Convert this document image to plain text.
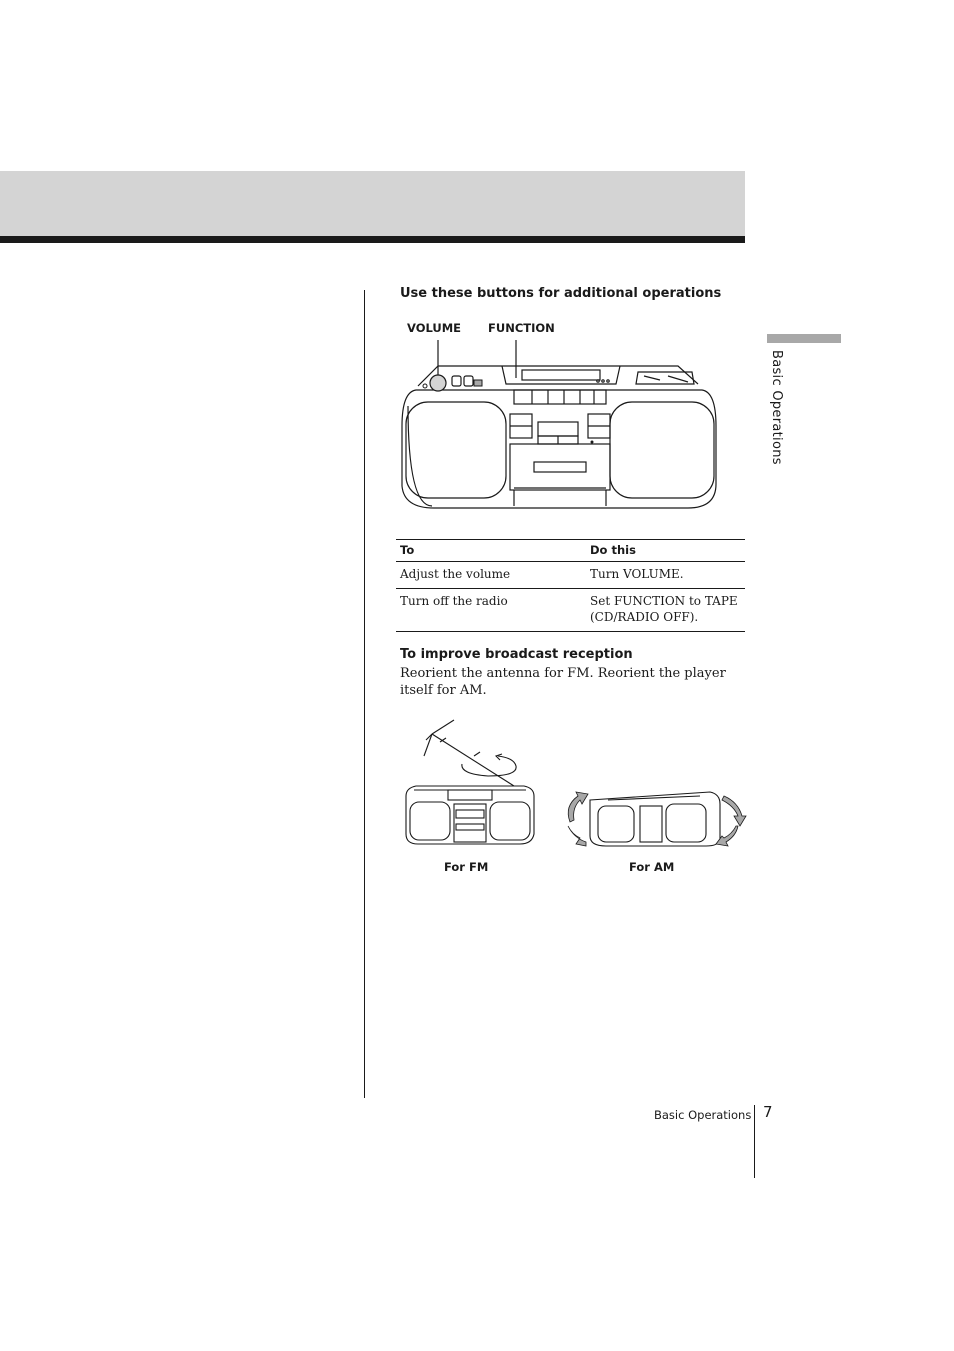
Basic Operations
Use these buttons for additional operations
VOLUME FUNCTION
To	Do this
Adjust the volume	Turn VOLUME.
Turn off the radio	Set FUNCTION to TAPE
(CD/RADIO OFF).
To improve broadcast reception
Reorient the antenna for FM. Reorient the player itself for AM.
For FM	For AM
Basic Operations 7
